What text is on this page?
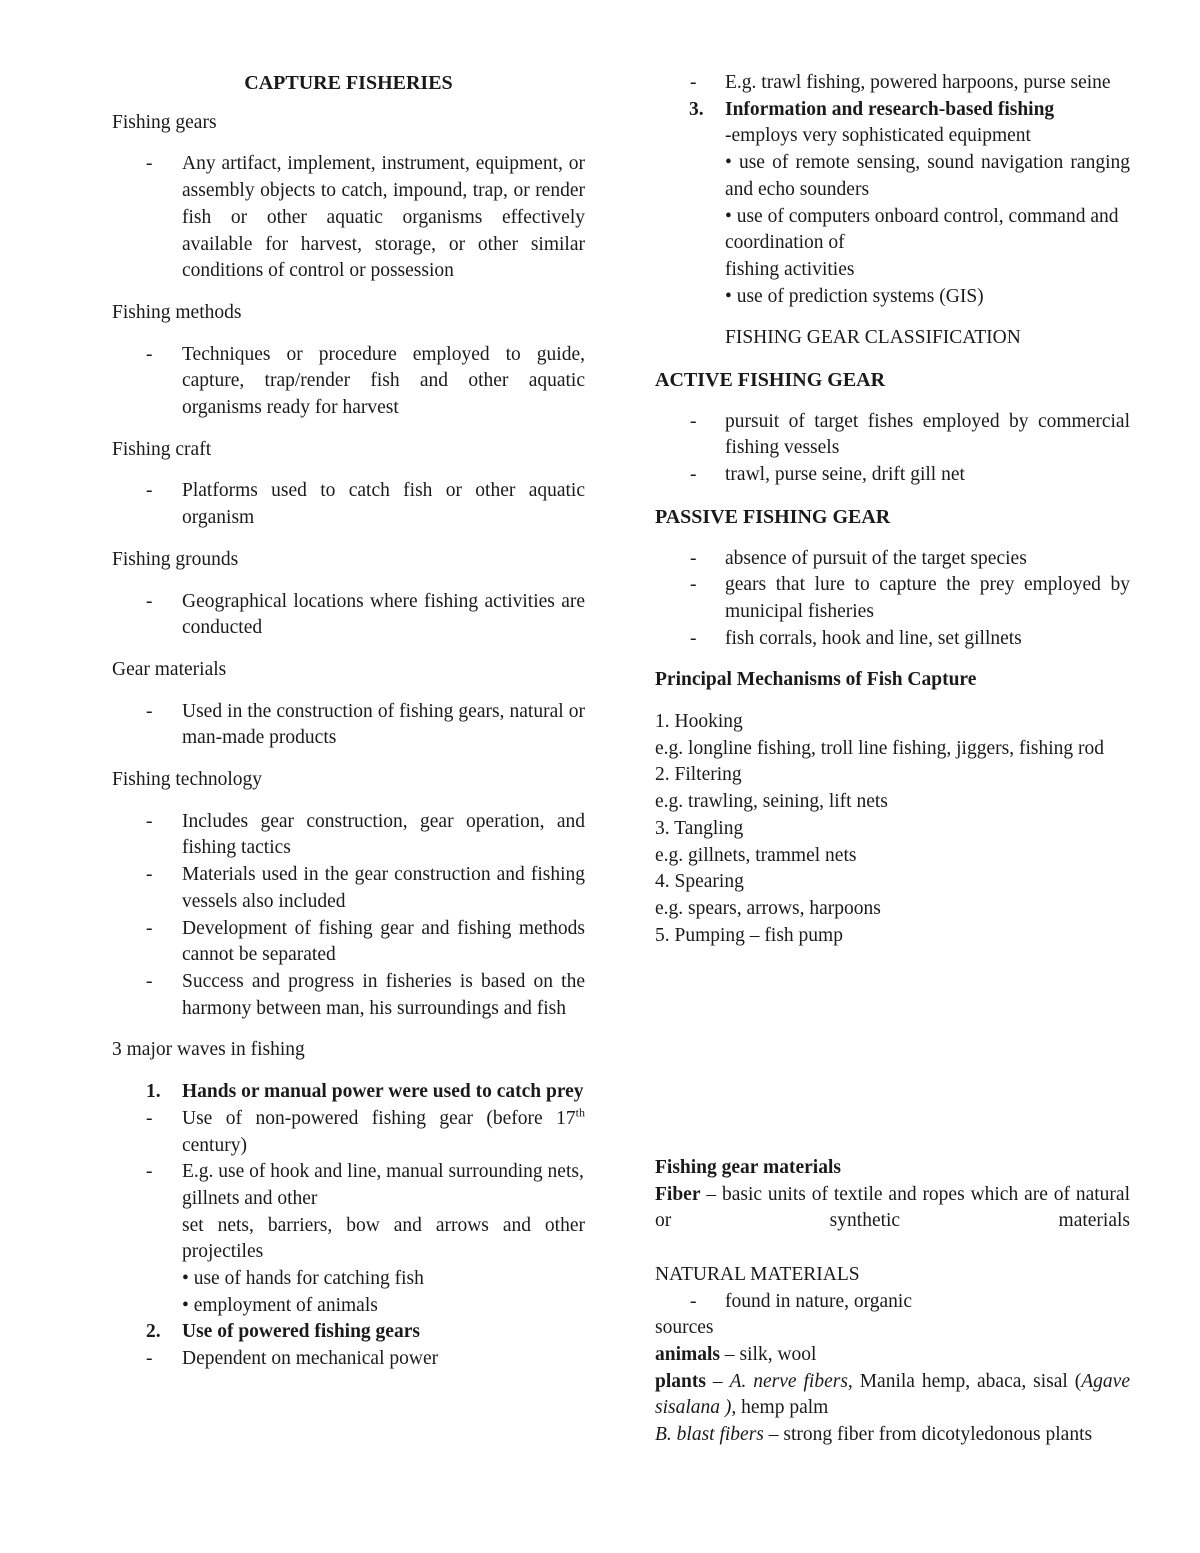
CAPTURE FISHERIES

Fishing gears

- Any artifact, implement, instrument, equipment, or assembly objects to catch, impound, trap, or render fish or other aquatic organisms effectively available for harvest, storage, or other similar conditions of control or possession

Fishing methods

- Techniques or procedure employed to guide, capture, trap/render fish and other aquatic organisms ready for harvest

Fishing craft

- Platforms used to catch fish or other aquatic organism

Fishing grounds

- Geographical locations where fishing activities are conducted

Gear materials

- Used in the construction of fishing gears, natural or man-made products

Fishing technology

- Includes gear construction, gear operation, and fishing tactics

- Materials used in the gear construction and fishing vessels also included

- Development of fishing gear and fishing methods cannot be separated

- Success and progress in fisheries is based on the harmony between man, his surroundings and fish

3 major waves in fishing

1. Hands or manual power were used to catch prey

- Use of non-powered fishing gear (before 17th century)

- E.g. use of hook and line, manual surrounding nets, gillnets and other

set nets, barriers, bow and arrows and other projectiles

• use of hands for catching fish

• employment of animals

2. Use of powered fishing gears

- Dependent on mechanical power

- E.g. trawl fishing, powered harpoons, purse seine

3. Information and research-based fishing

-employs very sophisticated equipment

• use of remote sensing, sound navigation ranging and echo sounders

• use of computers onboard control, command and coordination of

fishing activities

• use of prediction systems (GIS)

FISHING GEAR CLASSIFICATION

ACTIVE FISHING GEAR

- pursuit of target fishes employed by commercial fishing vessels

- trawl, purse seine, drift gill net

PASSIVE FISHING GEAR

- absence of pursuit of the target species

- gears that lure to capture the prey employed by municipal fisheries

- fish corrals, hook and line, set gillnets

Principal Mechanisms of Fish Capture

1. Hooking

e.g. longline fishing, troll line fishing, jiggers, fishing rod

2. Filtering

e.g. trawling, seining, lift nets

3. Tangling

e.g. gillnets, trammel nets

4. Spearing

e.g. spears, arrows, harpoons

5. Pumping – fish pump

Fishing gear materials

Fiber – basic units of textile and ropes which are of natural or synthetic materials

NATURAL MATERIALS

- found in nature, organic

sources

animals – silk, wool

plants – A. nerve fibers, Manila hemp, abaca, sisal (Agave sisalana ), hemp palm

B. blast fibers – strong fiber from dicotyledonous plants
